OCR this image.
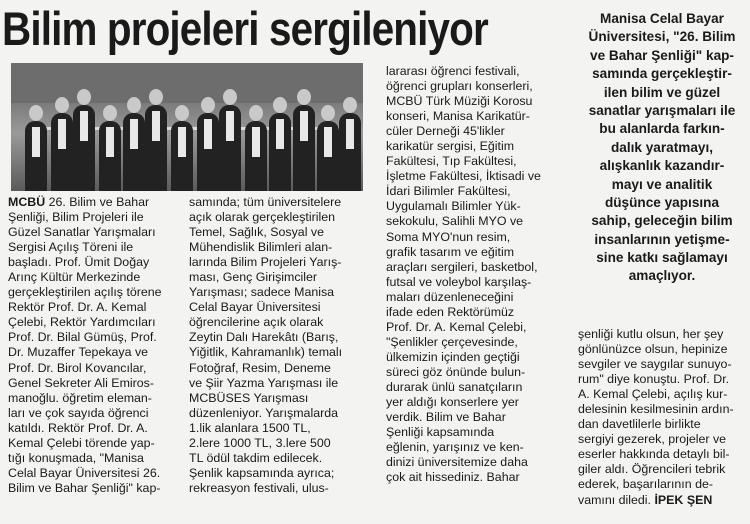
Bilim projeleri sergileniyor
MCBÜ 26. Bilim ve Bahar
Şenliği, Bilim Projeleri ile
Güzel Sanatlar Yarışmaları
Sergisi Açılış Töreni ile
başladı. Prof. Ümit Doğay
Arınç Kültür Merkezinde
gerçekleştirilen açılış törene
Rektör Prof. Dr. A. Kemal
Çelebi, Rektör Yardımcıları
Prof. Dr. Bilal Gümüş, Prof.
Dr. Muzaffer Tepekaya ve
Prof. Dr. Birol Kovancılar,
Genel Sekreter Ali Emiros-
manoğlu. öğretim eleman-
ları ve çok sayıda öğrenci
katıldı. Rektör Prof. Dr. A.
Kemal Çelebi törende yap-
tığı konuşmada, "Manisa
Celal Bayar Üniversitesi 26.
Bilim ve Bahar Şenliği" kap-
samında; tüm üniversitelere
açık olarak gerçekleştirilen
Temel, Sağlık, Sosyal ve
Mühendislik Bilimleri alan-
larında Bilim Projeleri Yarış-
ması, Genç Girişimciler
Yarışması; sadece Manisa
Celal Bayar Üniversitesi
öğrencilerine açık olarak
Zeytin Dalı Harekâtı (Barış,
Yiğitlik, Kahramanlık) temalı
Fotoğraf, Resim, Deneme
ve Şiir Yazma Yarışması ile
MCBÜSES Yarışması
düzenleniyor. Yarışmalarda
1.lik alanlara 1500 TL,
2.lere 1000 TL, 3.lere 500
TL ödül takdim edilecek.
Şenlik kapsamında ayrıca;
rekreasyon festivali, ulus-
lararası öğrenci festivali,
öğrenci grupları konserleri,
MCBÜ Türk Müziği Korosu
konseri, Manisa Karikatür-
cüler Derneği 45'likler
karikatür sergisi, Eğitim
Fakültesi, Tıp Fakültesi,
İşletme Fakültesi, İktisadi ve
İdari Bilimler Fakültesi,
Uygulamalı Bilimler Yük-
sekokulu, Salihli MYO ve
Soma MYO'nun resim,
grafik tasarım ve eğitim
araçları sergileri, basketbol,
futsal ve voleybol karşılaş-
maları düzenleneceğini
ifade eden Rektörümüz
Prof. Dr. A. Kemal Çelebi,
"Şenlikler çerçevesinde,
ülkemizin içinden geçtiği
süreci göz önünde bulun-
durarak ünlü sanatçıların
yer aldığı konserlere yer
verdik. Bilim ve Bahar
Şenliği kapsamında
eğlenin, yarışınız ve ken-
dinizi üniversitemize daha
çok ait hissediniz. Bahar
Manisa Celal Bayar
Üniversitesi, "26. Bilim
ve Bahar Şenliği" kap-
samında gerçekleştir-
ilen bilim ve güzel
sanatlar yarışmaları ile
bu alanlarda farkın-
dalık yaratmayı,
alışkanlık kazandır-
mayı ve analitik
düşünce yapısına
sahip, geleceğin bilim
insanlarının yetişme-
sine katkı sağlamayı
amaçlıyor.
şenliği kutlu olsun, her şey
gönlünüzce olsun, hepinize
sevgiler ve saygılar sunuyo-
rum" diye konuştu. Prof. Dr.
A. Kemal Çelebi, açılış kur-
delesinin kesilmesinin ardın-
dan davetlilerle birlikte
sergiyi gezerek, projeler ve
eserler hakkında detaylı bil-
giler aldı. Öğrencileri tebrik
ederek, başarılarının de-
vamını diledi. İPEK ŞEN
